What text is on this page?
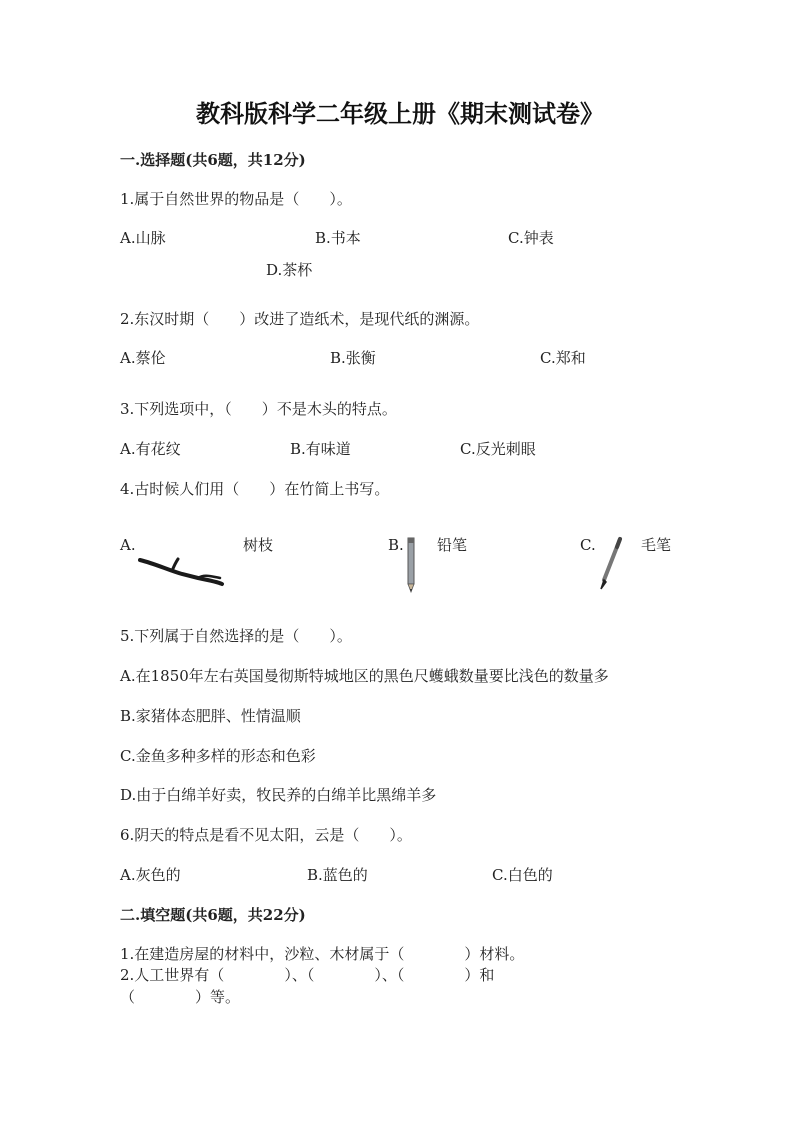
教科版科学二年级上册《期末测试卷》
一.选择题(共6题，共12分)
1.属于自然世界的物品是（　　）。
A.山脉	B.书本	C.钟表
D.茶杯
2.东汉时期（　　）改进了造纸术，是现代纸的渊源。
A.蔡伦	B.张衡	C.郑和
3.下列选项中，（　　）不是木头的特点。
A.有花纹	B.有味道	C.反光刺眼
4.古时候人们用（　　）在竹简上书写。
A.	树枝	B. 铅笔	C.	毛笔
5.下列属于自然选择的是（　　）。
A.在1850年左右英国曼彻斯特城地区的黑色尺蠖蛾数量要比浅色的数量多
B.家猪体态肥胖、性情温顺
C.金鱼多种多样的形态和色彩
D.由于白绵羊好卖，牧民养的白绵羊比黑绵羊多
6.阴天的特点是看不见太阳，云是（　　）。
A.灰色的	B.蓝色的	C.白色的
二.填空题(共6题，共22分)
1.在建造房屋的材料中，沙粒、木材属于（　　　　）材料。
2.人工世界有（　　　　）、（　　　　）、（　　　　）和
（　　　　）等。
